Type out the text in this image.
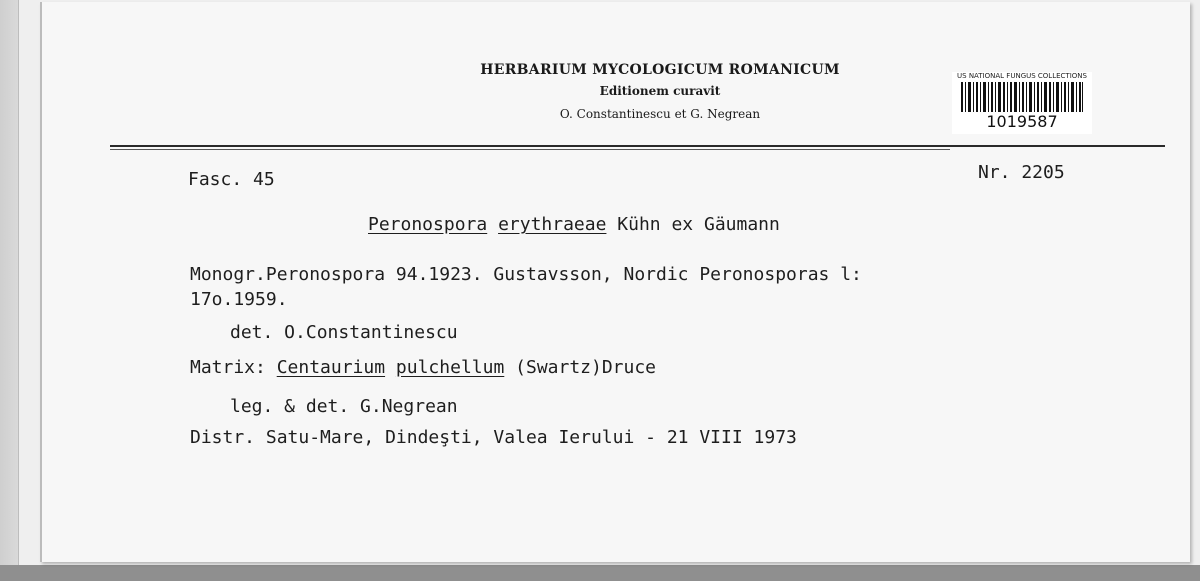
HERBARIUM MYCOLOGICUM ROMANICUM
Editionem curavit
O. Constantinescu et G. Negrean
US NATIONAL FUNGUS COLLECTIONS
1019587
Fasc. 45	Nr. 2205
Peronospora erythraeae Kühn ex Gäumann
Monogr.Peronospora 94.1923. Gustavsson, Nordic Peronosporas l:
17o.1959.
det. O.Constantinescu
Matrix: Centaurium pulchellum (Swartz)Druce
leg. & det. G.Negrean
Distr. Satu-Mare, Dindeşti, Valea Ierului - 21 VIII 1973
